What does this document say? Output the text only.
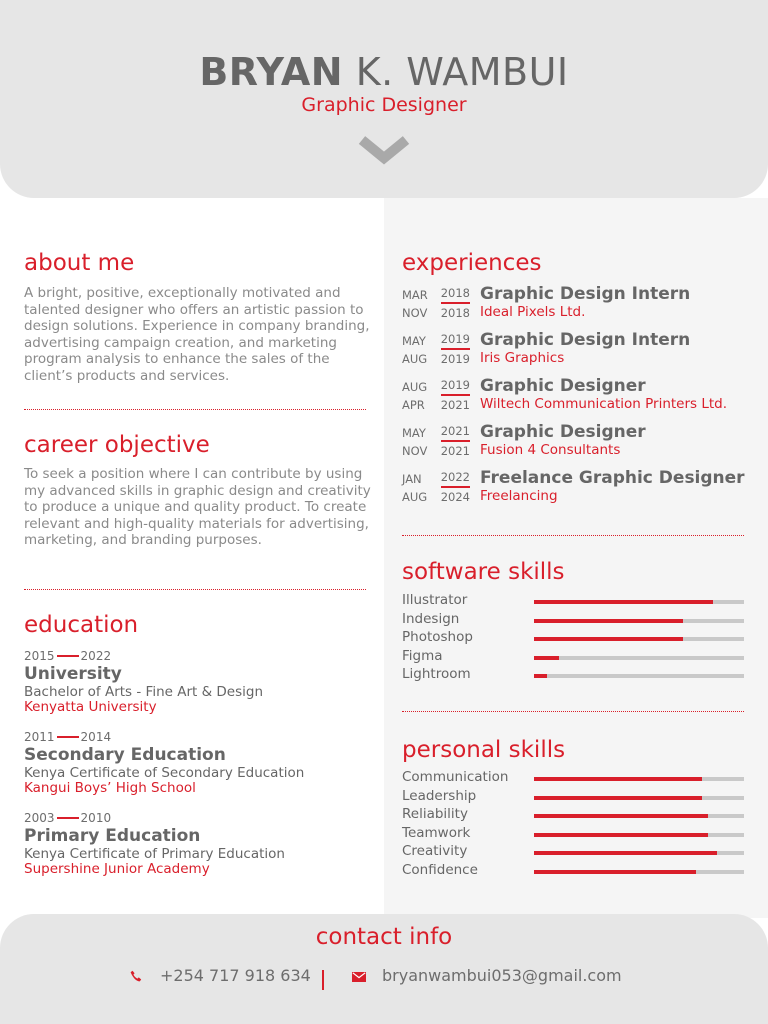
BRYAN K. WAMBUI
Graphic Designer
about me
A bright, positive, exceptionally motivated and talented designer who offers an artistic passion to design solutions. Experience in company branding, advertising campaign creation, and marketing program analysis to enhance the sales of the client’s products and services.
career objective
To seek a position where I can contribute by using my advanced skills in graphic design and creativity to produce a unique and quality product. To create relevant and high-quality materials for advertising, marketing, and branding purposes.
education
2015 2022
University
Bachelor of Arts - Fine Art & Design
Kenyatta University
2011 2014
Secondary Education
Kenya Certificate of Secondary Education
Kangui Boys’ High School
2003 2010
Primary Education
Kenya Certificate of Primary Education
Supershine Junior Academy
experiences
MAR 2018
NOV 2018
Graphic Design Intern
Ideal Pixels Ltd.
MAY 2019
AUG 2019
Graphic Design Intern
Iris Graphics
AUG 2019
APR 2021
Graphic Designer
Wiltech Communication Printers Ltd.
MAY 2021
NOV 2021
Graphic Designer
Fusion 4 Consultants
JAN 2022
AUG 2024
Freelance Graphic Designer
Freelancing
software skills
Illustrator
Indesign
Photoshop
Figma
Lightroom
personal skills
Communication
Leadership
Reliability
Teamwork
Creativity
Confidence
contact info
+254 717 918 634	bryanwambui053@gmail.com
